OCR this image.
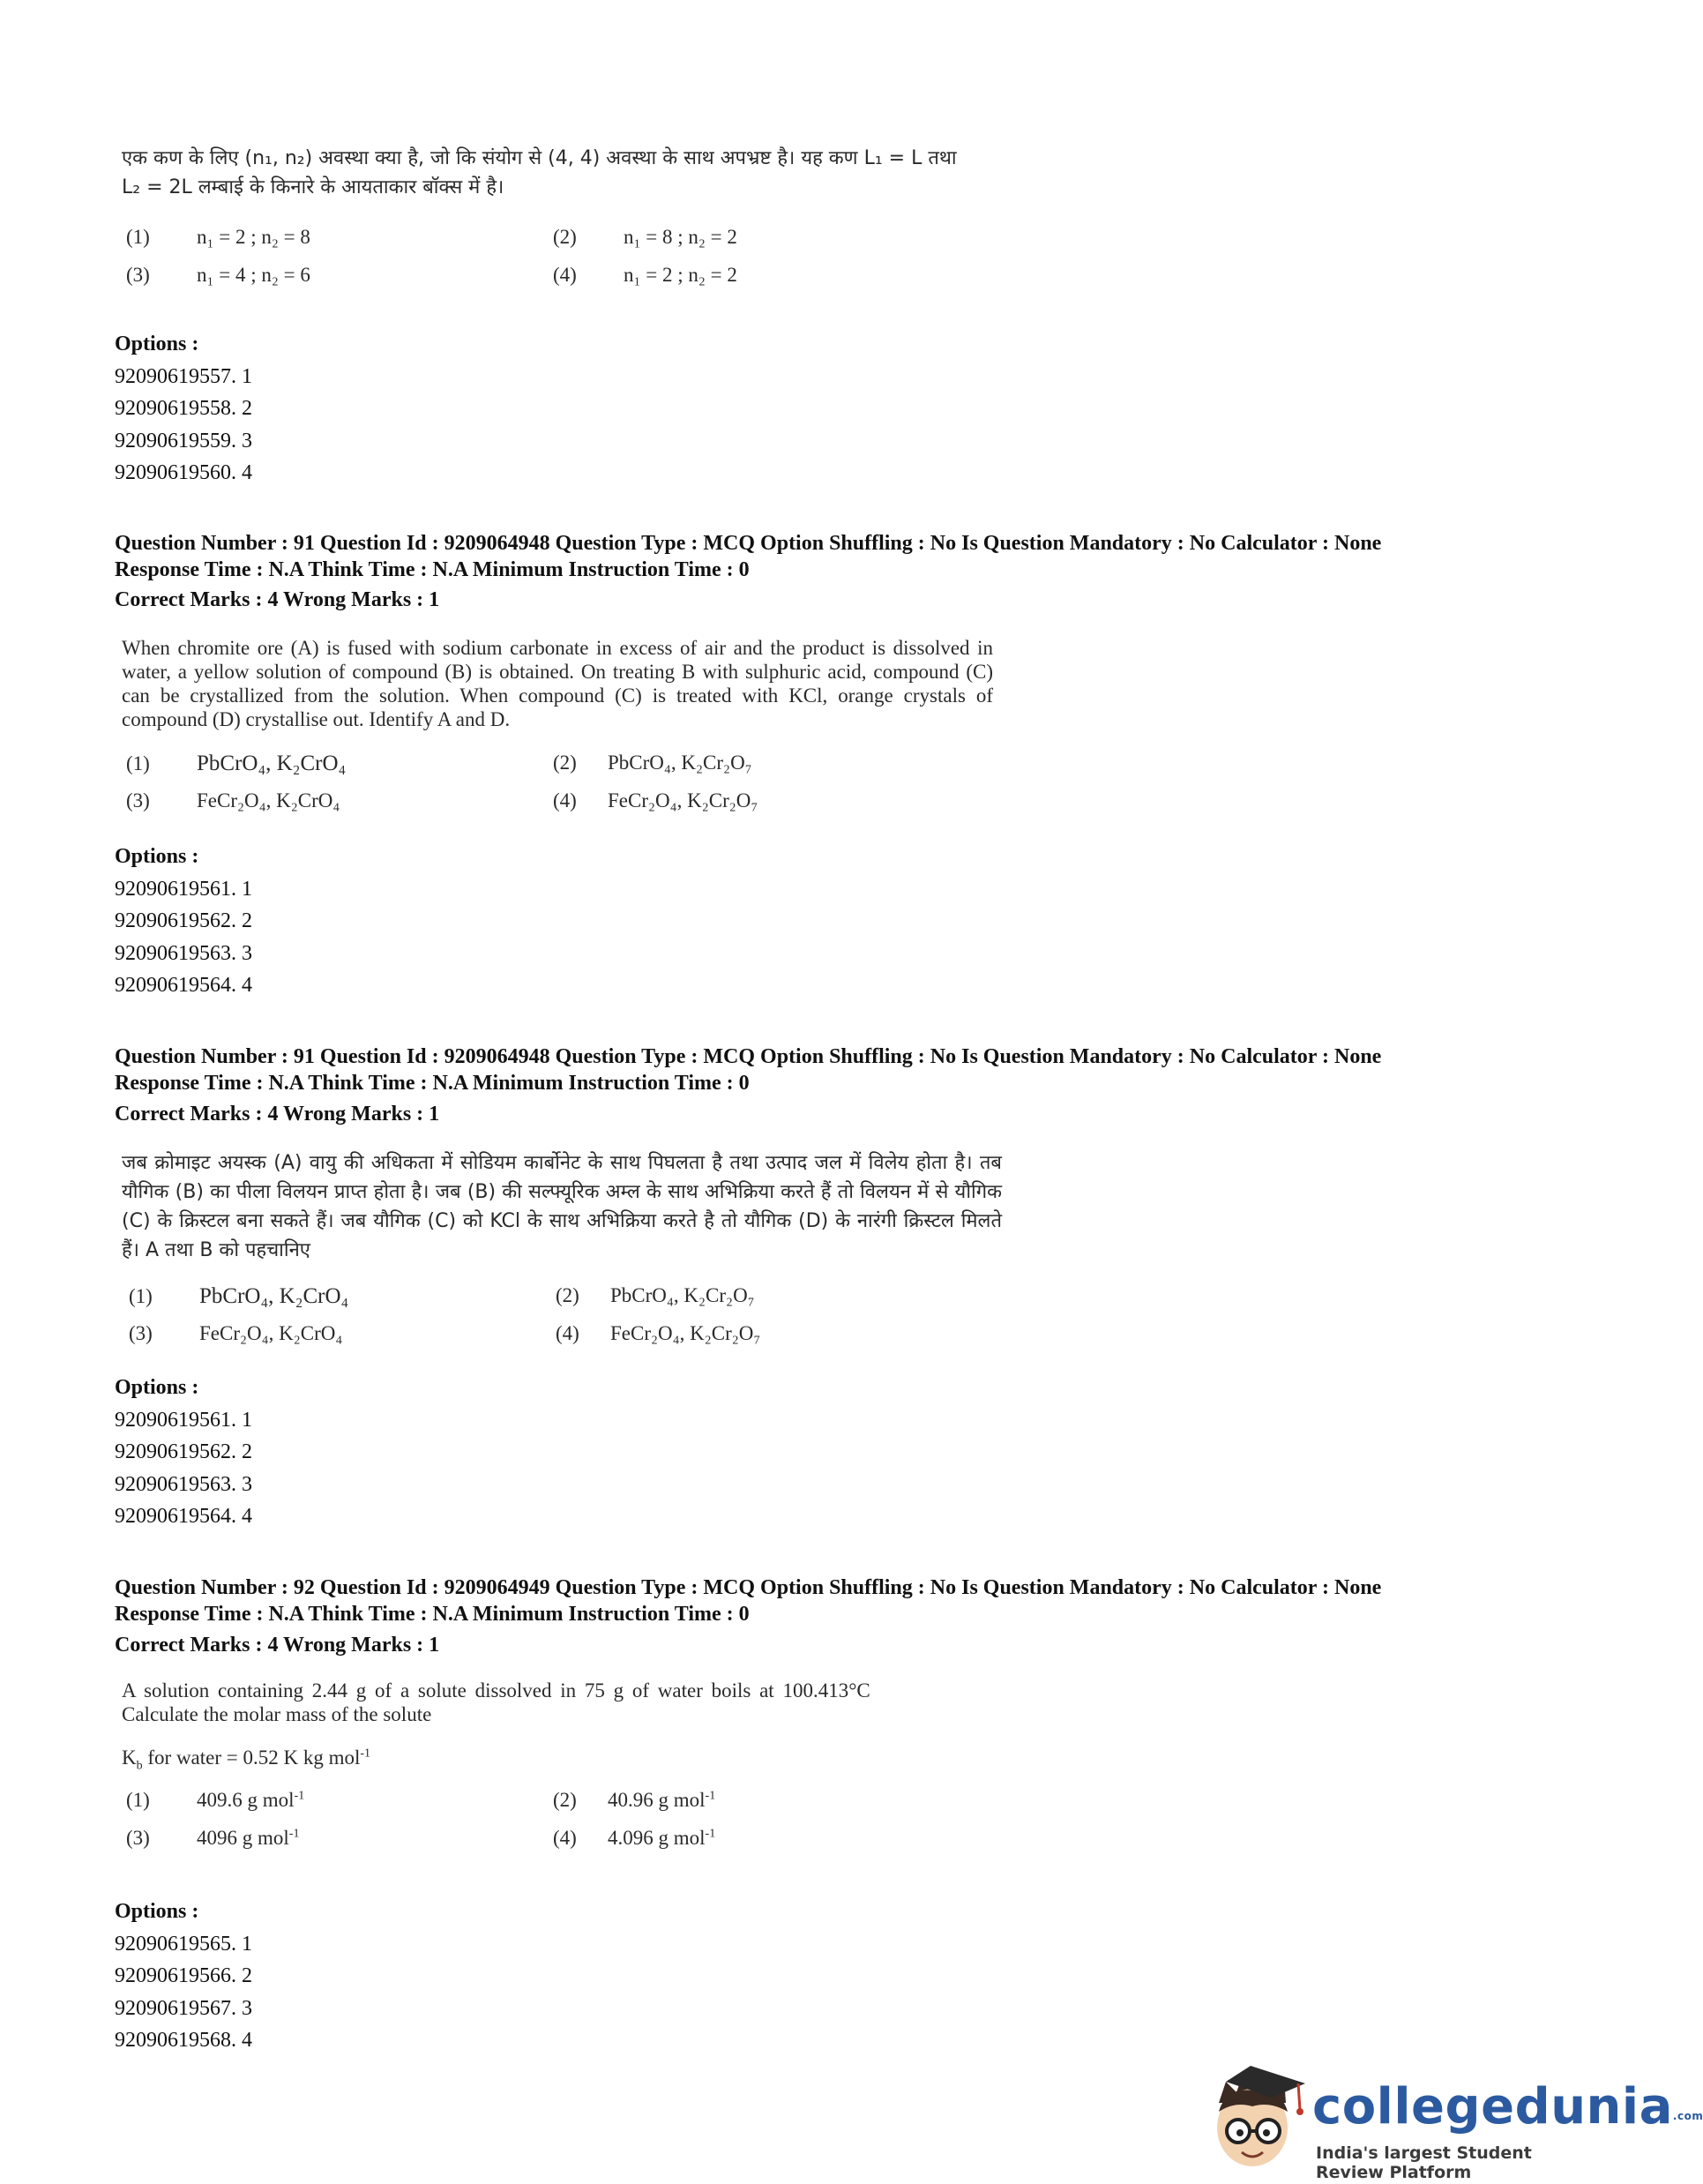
एक कण के लिए (n₁, n₂) अवस्था क्या है, जो कि संयोग से (4, 4) अवस्था के साथ अपभ्रष्ट है। यह कण L₁ = L तथा
L₂ = 2L लम्बाई के किनारे के आयताकार बॉक्स में है।
(1) n₁ = 2 ; n₂ = 8	(2) n₁ = 8 ; n₂ = 2
(3) n₁ = 4 ; n₂ = 6	(4) n₁ = 2 ; n₂ = 2
Options :
92090619557. 1
92090619558. 2
92090619559. 3
92090619560. 4
Question Number : 91 Question Id : 9209064948 Question Type : MCQ Option Shuffling : No Is Question Mandatory : No Calculator : None
Response Time : N.A Think Time : N.A Minimum Instruction Time : 0
Correct Marks : 4 Wrong Marks : 1
When chromite ore (A) is fused with sodium carbonate in excess of air and the product is dissolved in water, a yellow solution of compound (B) is obtained. On treating B with sulphuric acid, compound (C) can be crystallized from the solution. When compound (C) is treated with KCl, orange crystals of compound (D) crystallise out. Identify A and D.
(1) PbCrO₄, K₂CrO₄	(2) PbCrO₄, K₂Cr₂O₇
(3) FeCr₂O₄, K₂CrO₄	(4) FeCr₂O₄, K₂Cr₂O₇
Options :
92090619561. 1
92090619562. 2
92090619563. 3
92090619564. 4
Question Number : 91 Question Id : 9209064948 Question Type : MCQ Option Shuffling : No Is Question Mandatory : No Calculator : None
Response Time : N.A Think Time : N.A Minimum Instruction Time : 0
Correct Marks : 4 Wrong Marks : 1
जब क्रोमाइट अयस्क (A) वायु की अधिकता में सोडियम कार्बोनेट के साथ पिघलता है तथा उत्पाद जल में विलेय होता है। तब यौगिक (B) का पीला विलयन प्राप्त होता है। जब (B) की सल्फ्यूरिक अम्ल के साथ अभिक्रिया करते हैं तो विलयन में से यौगिक (C) के क्रिस्टल बना सकते हैं। जब यौगिक (C) को KCl के साथ अभिक्रिया करते है तो यौगिक (D) के नारंगी क्रिस्टल मिलते हैं। A तथा B को पहचानिए
(1) PbCrO₄, K₂CrO₄	(2) PbCrO₄, K₂Cr₂O₇
(3) FeCr₂O₄, K₂CrO₄	(4) FeCr₂O₄, K₂Cr₂O₇
Options :
92090619561. 1
92090619562. 2
92090619563. 3
92090619564. 4
Question Number : 92 Question Id : 9209064949 Question Type : MCQ Option Shuffling : No Is Question Mandatory : No Calculator : None
Response Time : N.A Think Time : N.A Minimum Instruction Time : 0
Correct Marks : 4 Wrong Marks : 1
A solution containing 2.44 g of a solute dissolved in 75 g of water boils at 100.413°C
Calculate the molar mass of the solute
$K_b$ for water = 0.52 K kg mol$^{-1}$
(1) 409.6 g mol$^{-1}$	(2) 40.96 g mol$^{-1}$
(3) 4096 g mol$^{-1}$	(4) 4.096 g mol$^{-1}$
Options :
92090619565. 1
92090619566. 2
92090619567. 3
92090619568. 4
collegedunia.com
India's largest Student Review Platform
